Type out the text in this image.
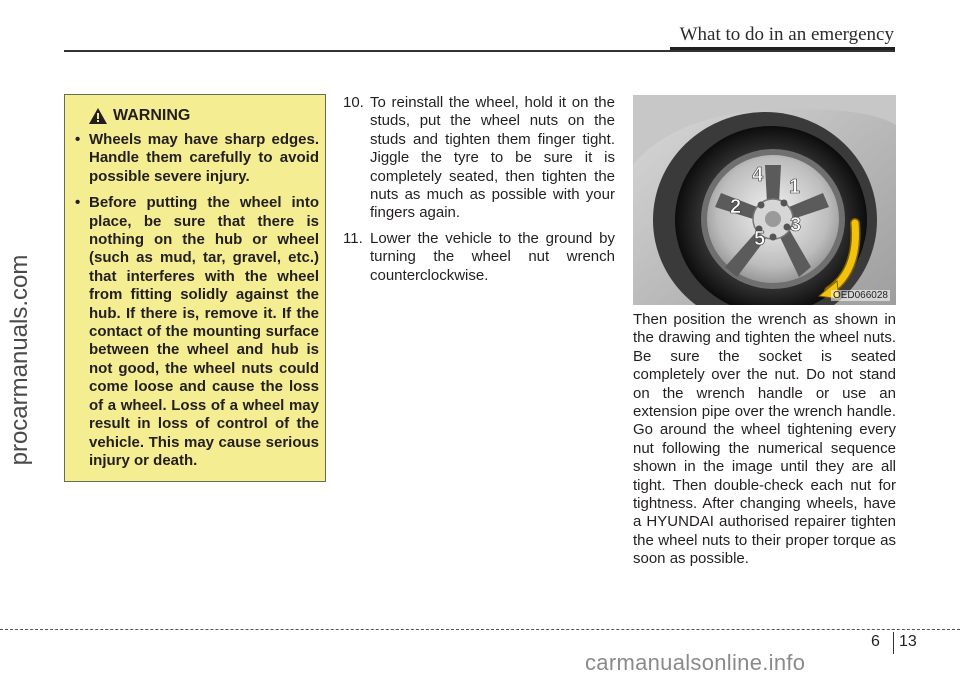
What to do in an emergency
procarmanuals.com
WARNING
• Wheels may have sharp edges. Handle them carefully to avoid possible severe injury.
• Before putting the wheel into place, be sure that there is nothing on the hub or wheel (such as mud, tar, gravel, etc.) that interferes with the wheel from fitting solidly against the hub. If there is, remove it. If the contact of the mounting surface between the wheel and hub is not good, the wheel nuts could come loose and cause the loss of a wheel. Loss of a wheel may result in loss of control of the vehicle. This may cause serious injury or death.
10. To reinstall the wheel, hold it on the studs, put the wheel nuts on the studs and tighten them finger tight. Jiggle the tyre to be sure it is completely seated, then tighten the nuts as much as possible with your fingers again.
11. Lower the vehicle to the ground by turning the wheel nut wrench counterclockwise.
1
2
3
4
5
OED066028

Then position the wrench as shown in the drawing and tighten the wheel nuts. Be sure the socket is seated completely over the nut. Do not stand on the wrench handle or use an extension pipe over the wrench handle. Go around the wheel tightening every nut following the numerical sequence shown in the image until they are all tight. Then double-check each nut for tightness. After changing wheels, have a HYUNDAI authorised repairer tighten the wheel nuts to their proper torque as soon as possible.

6 13
carmanualsonline.info
